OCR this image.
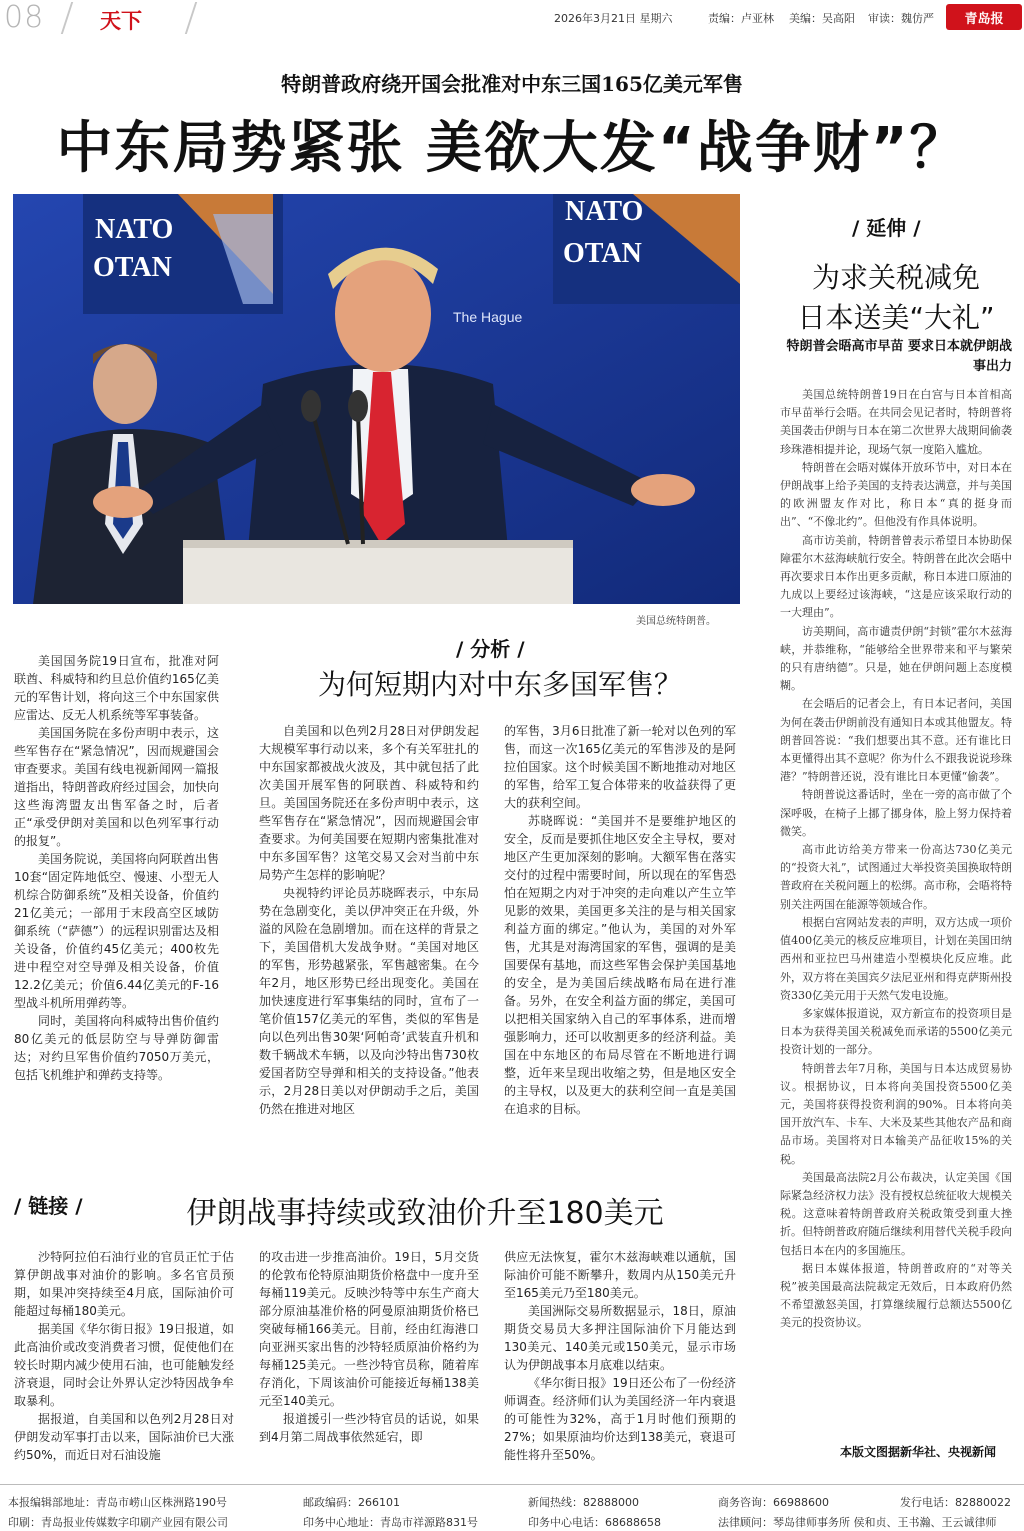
08	天下	2026年3月21日 星期六	责编：卢亚林 美编：吴高阳 审读：魏仿严 青岛报
特朗普政府绕开国会批准对中东三国165亿美元军售
中东局势紧张 美欲大发“战争财”？
NATO
OTAN
NATO
OTAN
The Hague
美国总统特朗普。

美国国务院19日宣布，批准对阿联酋、科威特和约旦总价值约165亿美元的军售计划，将向这三个中东国家供应雷达、反无人机系统等军事装备。

美国国务院在多份声明中表示，这些军售存在“紧急情况”，因而规避国会审查要求。美国有线电视新闻网一篇报道指出，特朗普政府经过国会，加快向这些海湾盟友出售军备之时，后者正“承受伊朗对美国和以色列军事行动的报复”。

美国务院说，美国将向阿联酋出售10套“固定阵地低空、慢速、小型无人机综合防御系统”及相关设备，价值约21亿美元；一部用于末段高空区域防御系统（“萨德”）的远程识别雷达及相关设备，价值约45亿美元；400枚先进中程空对空导弹及相关设备，价值12.2亿美元；价值6.44亿美元的F-16型战斗机所用弹药等。

同时，美国将向科威特出售价值约80亿美元的低层防空与导弹防御雷达；对约旦军售价值约7050万美元，包括飞机维护和弹药支持等。

/ 分析 /
为何短期内对中东多国军售？

自美国和以色列2月28日对伊朗发起大规模军事行动以来，多个有关军驻扎的中东国家都被战火波及，其中就包括了此次美国开展军售的阿联酋、科威特和约旦。美国国务院还在多份声明中表示，这些军售存在“紧急情况”，因而规避国会审查要求。为何美国要在短期内密集批准对中东多国军售？这笔交易又会对当前中东局势产生怎样的影响呢？

央视特约评论员苏晓晖表示，中东局势在急剧变化，美以伊冲突正在升级，外溢的风险在急剧增加。而在这样的背景之下，美国借机大发战争财。“美国对地区的军售，形势越紧张，军售越密集。在今年2月，地区形势已经出现变化。美国在加快速度进行军事集结的同时，宣布了一笔价值157亿美元的军售，类似的军售是向以色列出售30架‘阿帕奇’武装直升机和数千辆战术车辆，以及向沙特出售730枚爱国者防空导弹和相关的支持设备。”他表示，2月28日美以对伊朗动手之后，美国仍然在推进对地区

的军售，3月6日批准了新一轮对以色列的军售，而这一次165亿美元的军售涉及的是阿拉伯国家。这个时候美国不断地推动对地区的军售，给军工复合体带来的收益获得了更大的获利空间。

苏晓晖说：“美国并不是要维护地区的安全，反而是要抓住地区安全主导权，要对地区产生更加深刻的影响。大额军售在落实交付的过程中需要时间，所以现在的军售恐怕在短期之内对于冲突的走向难以产生立竿见影的效果，美国更多关注的是与相关国家利益方面的绑定。”他认为，美国的对外军售，尤其是对海湾国家的军售，强调的是美国要保有基地，而这些军售会保护美国基地的安全，是为美国后续战略布局在进行准备。另外，在安全利益方面的绑定，美国可以把相关国家纳入自己的军事体系，进而增强影响力，还可以收割更多的经济利益。美国在中东地区的布局尽管在不断地进行调整，近年来呈现出收缩之势，但是地区安全的主导权，以及更大的获利空间一直是美国在追求的目标。

/ 延伸 /
为求关税减免
日本送美“大礼”
特朗普会晤高市早苗 要求日本就伊朗战事出力

美国总统特朗普19日在白宫与日本首相高市早苗举行会晤。在共同会见记者时，特朗普将美国袭击伊朗与日本在第二次世界大战期间偷袭珍珠港相提并论，现场气氛一度陷入尴尬。

特朗普在会晤对媒体开放环节中，对日本在伊朗战事上给予美国的支持表达满意，并与美国的欧洲盟友作对比，称日本“真的挺身而出”、“不像北约”。但他没有作具体说明。

高市访美前，特朗普曾表示希望日本协助保障霍尔木兹海峡航行安全。特朗普在此次会晤中再次要求日本作出更多贡献，称日本进口原油的九成以上要经过该海峡，“这是应该采取行动的一大理由”。

访美期间，高市谴责伊朗“封锁”霍尔木兹海峡，并恭维称，“能够给全世界带来和平与繁荣的只有唐纳德”。只是，她在伊朗问题上态度模糊。

在会晤后的记者会上，有日本记者问，美国为何在袭击伊朗前没有通知日本或其他盟友。特朗普回答说：“我们想要出其不意。还有谁比日本更懂得出其不意呢？你为什么不跟我说说珍珠港？”特朗普还说，没有谁比日本更懂“偷袭”。

特朗普说这番话时，坐在一旁的高市做了个深呼吸，在椅子上挪了挪身体，脸上努力保持着微笑。

高市此访给美方带来一份高达730亿美元的“投资大礼”，试图通过大举投资美国换取特朗普政府在关税问题上的松绑。高市称，会晤将特别关注两国在能源等领域合作。

根据白宫网站发表的声明，双方达成一项价值400亿美元的核反应堆项目，计划在美国田纳西州和亚拉巴马州建造小型模块化反应堆。此外，双方将在美国宾夕法尼亚州和得克萨斯州投资330亿美元用于天然气发电设施。

多家媒体报道说，双方新宣布的投资项目是日本为获得美国关税减免而承诺的5500亿美元投资计划的一部分。

特朗普去年7月称，美国与日本达成贸易协议。根据协议，日本将向美国投资5500亿美元，美国将获得投资利润的90%。日本将向美国开放汽车、卡车、大米及某些其他农产品和商品市场。美国将对日本输美产品征收15%的关税。

美国最高法院2月公布裁决，认定美国《国际紧急经济权力法》没有授权总统征收大规模关税。这意味着特朗普政府关税政策受到重大挫折。但特朗普政府随后继续利用替代关税手段向包括日本在内的多国施压。

据日本媒体报道，特朗普政府的“对等关税”被美国最高法院裁定无效后，日本政府仍然不希望激怒美国，打算继续履行总额达5500亿美元的投资协议。

本版文图据新华社、央视新闻
/ 链接 /	伊朗战事持续或致油价升至180美元

沙特阿拉伯石油行业的官员正忙于估算伊朗战事对油价的影响。多名官员预期，如果冲突持续至4月底，国际油价可能超过每桶180美元。

据美国《华尔街日报》19日报道，如此高油价或改变消费者习惯，促使他们在较长时期内减少使用石油，也可能触发经济衰退，同时会让外界认定沙特因战争牟取暴利。

据报道，自美国和以色列2月28日对伊朗发动军事打击以来，国际油价已大涨约50%，而近日对石油设施

的攻击进一步推高油价。19日，5月交货的伦敦布伦特原油期货价格盘中一度升至每桶119美元。反映沙特等中东生产商大部分原油基准价格的阿曼原油期货价格已突破每桶166美元。目前，经由红海港口向亚洲买家出售的沙特轻质原油价格约为每桶125美元。一些沙特官员称，随着库存消化，下周该油价可能接近每桶138美元至140美元。

报道援引一些沙特官员的话说，如果到4月第二周战事依然延宕，即

供应无法恢复，霍尔木兹海峡难以通航，国际油价可能不断攀升，数周内从150美元升至165美元乃至180美元。

美国洲际交易所数据显示，18日，原油期货交易员大多押注国际油价下月能达到130美元、140美元或150美元，显示市场认为伊朗战事本月底难以结束。

《华尔街日报》19日还公布了一份经济师调查。经济师们认为美国经济一年内衰退的可能性为32%，高于1月时他们预期的27%；如果原油均价达到138美元，衰退可能性将升至50%。

本报编辑部地址：青岛市崂山区株洲路190号	邮政编码：266101	新闻热线：82888000	商务咨询：66988600	发行电话：82880022
印刷：青岛报业传媒数字印刷产业园有限公司	印务中心地址：青岛市祥源路831号	印务中心电话：68688658	法律顾问：琴岛律师事务所 侯和贞、王书瀚、王云诚律师
